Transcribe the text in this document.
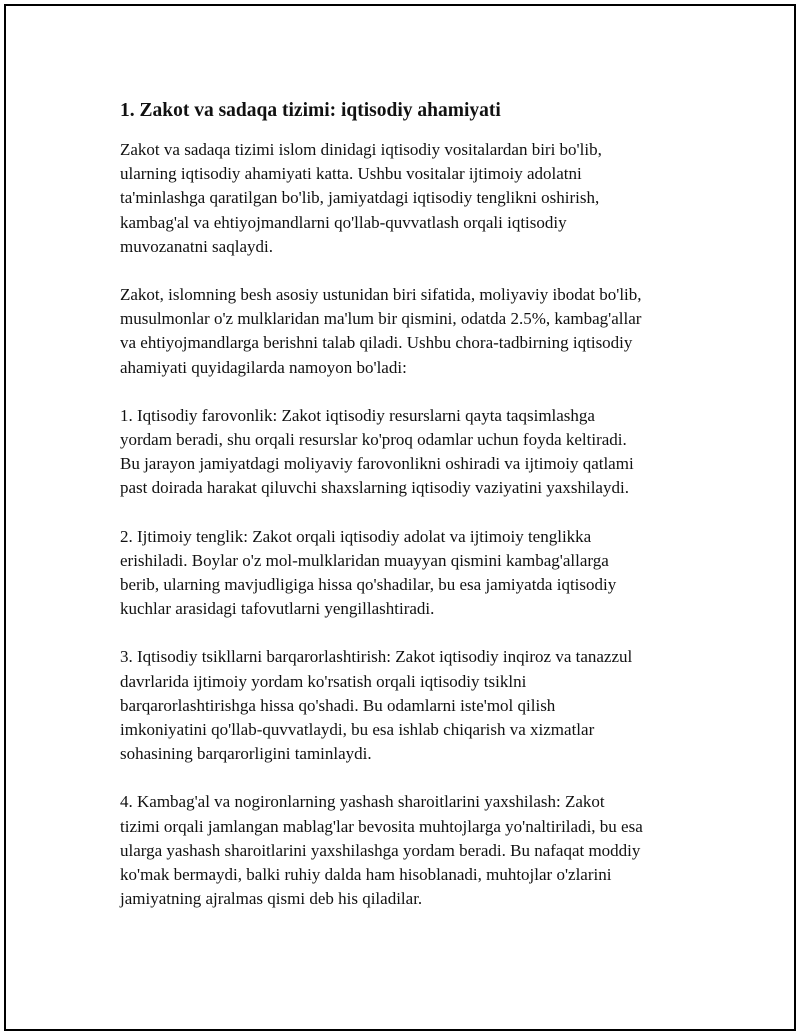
1. Zakot va sadaqa tizimi: iqtisodiy ahamiyati

Zakot va sadaqa tizimi islom dinidagi iqtisodiy vositalardan biri bo'lib,
ularning iqtisodiy ahamiyati katta. Ushbu vositalar ijtimoiy adolatni
ta'minlashga qaratilgan bo'lib, jamiyatdagi iqtisodiy tenglikni oshirish,
kambag'al va ehtiyojmandlarni qo'llab-quvvatlash orqali iqtisodiy
muvozanatni saqlaydi.

Zakot, islomning besh asosiy ustunidan biri sifatida, moliyaviy ibodat bo'lib,
musulmonlar o'z mulklaridan ma'lum bir qismini, odatda 2.5%, kambag'allar
va ehtiyojmandlarga berishni talab qiladi. Ushbu chora-tadbirning iqtisodiy
ahamiyati quyidagilarda namoyon bo'ladi:

1. Iqtisodiy farovonlik: Zakot iqtisodiy resurslarni qayta taqsimlashga
yordam beradi, shu orqali resurslar ko'proq odamlar uchun foyda keltiradi.
Bu jarayon jamiyatdagi moliyaviy farovonlikni oshiradi va ijtimoiy qatlami
past doirada harakat qiluvchi shaxslarning iqtisodiy vaziyatini yaxshilaydi.

2. Ijtimoiy tenglik: Zakot orqali iqtisodiy adolat va ijtimoiy tenglikka
erishiladi. Boylar o'z mol-mulklaridan muayyan qismini kambag'allarga
berib, ularning mavjudligiga hissa qo'shadilar, bu esa jamiyatda iqtisodiy
kuchlar arasidagi tafovutlarni yengillashtiradi.

3. Iqtisodiy tsikllarni barqarorlashtirish: Zakot iqtisodiy inqiroz va tanazzul
davrlarida ijtimoiy yordam ko'rsatish orqali iqtisodiy tsiklni
barqarorlashtirishga hissa qo'shadi. Bu odamlarni iste'mol qilish
imkoniyatini qo'llab-quvvatlaydi, bu esa ishlab chiqarish va xizmatlar
sohasining barqarorligini taminlaydi.

4. Kambag'al va nogironlarning yashash sharoitlarini yaxshilash: Zakot
tizimi orqali jamlangan mablag'lar bevosita muhtojlarga yo'naltiriladi, bu esa
ularga yashash sharoitlarini yaxshilashga yordam beradi. Bu nafaqat moddiy
ko'mak bermaydi, balki ruhiy dalda ham hisoblanadi, muhtojlar o'zlarini
jamiyatning ajralmas qismi deb his qiladilar.
